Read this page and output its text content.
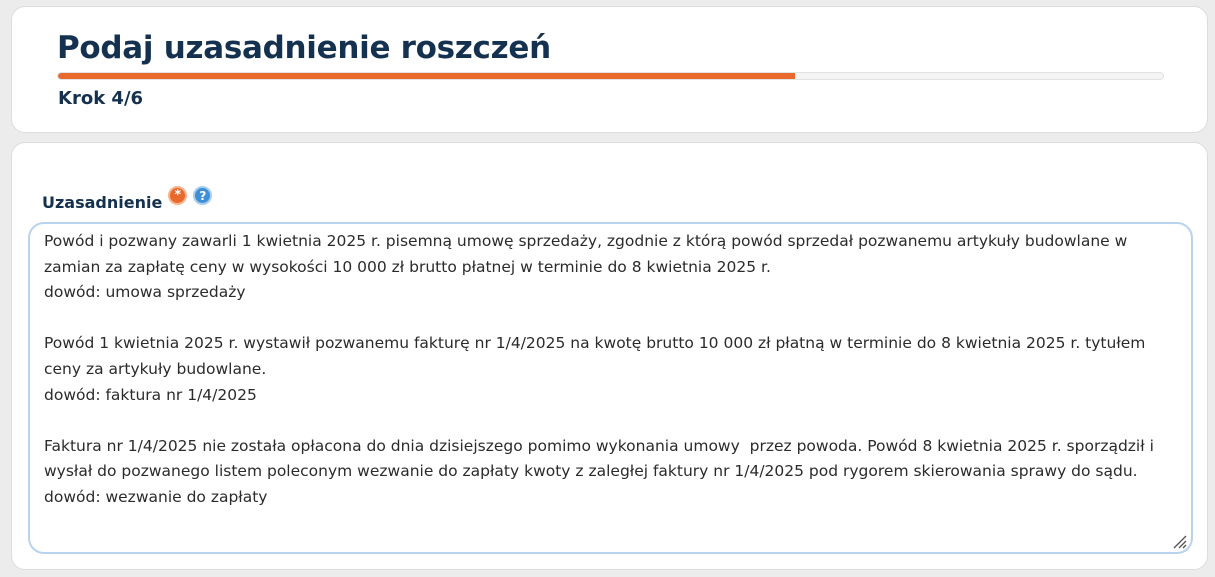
Podaj uzasadnienie roszczeń
Krok 4/6
Uzasadnienie *	?
Powód i pozwany zawarli 1 kwietnia 2025 r. pisemną umowę sprzedaży, zgodnie z którą powód sprzedał pozwanemu artykuły budowlane w zamian za zapłatę ceny w wysokości 10 000 zł brutto płatnej w terminie do 8 kwietnia 2025 r. dowód: umowa sprzedaży Powód 1 kwietnia 2025 r. wystawił pozwanemu fakturę nr 1/4/2025 na kwotę brutto 10 000 zł płatną w terminie do 8 kwietnia 2025 r. tytułem ceny za artykuły budowlane. dowód: faktura nr 1/4/2025 Faktura nr 1/4/2025 nie została opłacona do dnia dzisiejszego pomimo wykonania umowy przez powoda. Powód 8 kwietnia 2025 r. sporządził i wysłał do pozwanego listem poleconym wezwanie do zapłaty kwoty z zaległej faktury nr 1/4/2025 pod rygorem skierowania sprawy do sądu. dowód: wezwanie do zapłaty
